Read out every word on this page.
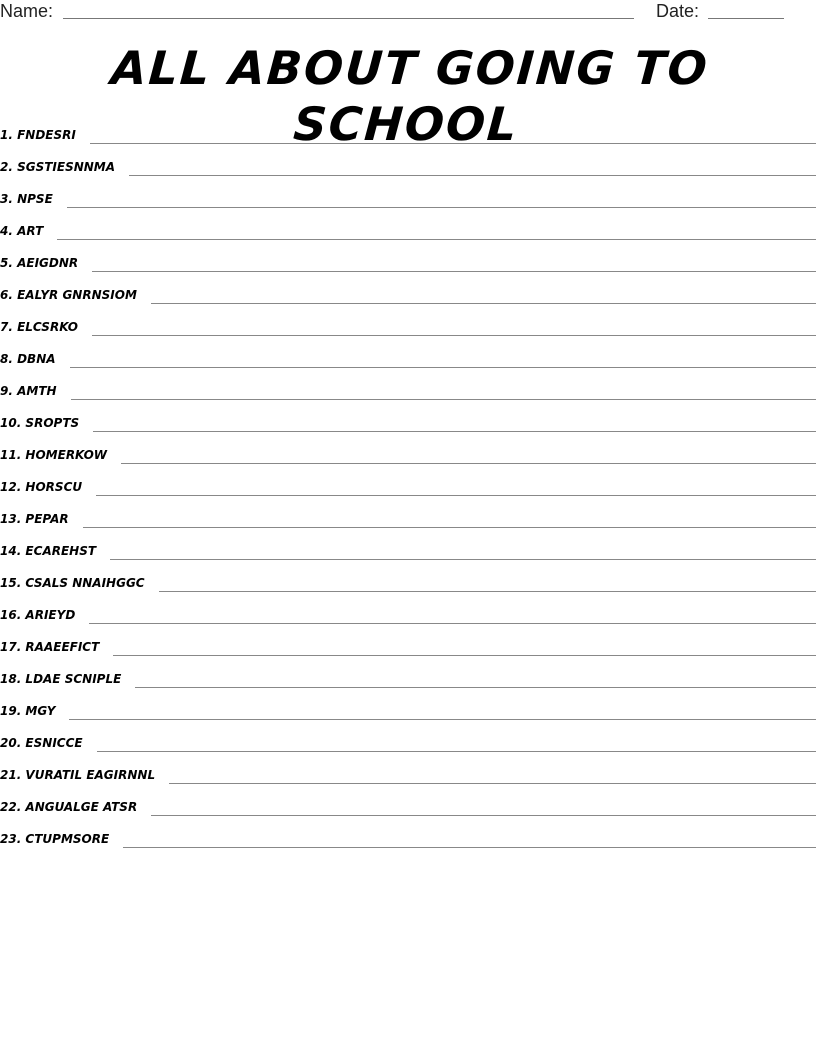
Name:	Date:
ALL ABOUT GOING TO SCHOOL
1. FNDESRI
2. SGSTIESNNMA
3. NPSE
4. ART
5. AEIGDNR
6. EALYR GNRNSIOM
7. ELCSRKO
8. DBNA
9. AMTH
10. SROPTS
11. HOMERKOW
12. HORSCU
13. PEPAR
14. ECAREHST
15. CSALS NNAIHGGC
16. ARIEYD
17. RAAEEFICT
18. LDAE SCNIPLE
19. MGY
20. ESNICCE
21. VURATIL EAGIRNNL
22. ANGUALGE ATSR
23. CTUPMSORE
